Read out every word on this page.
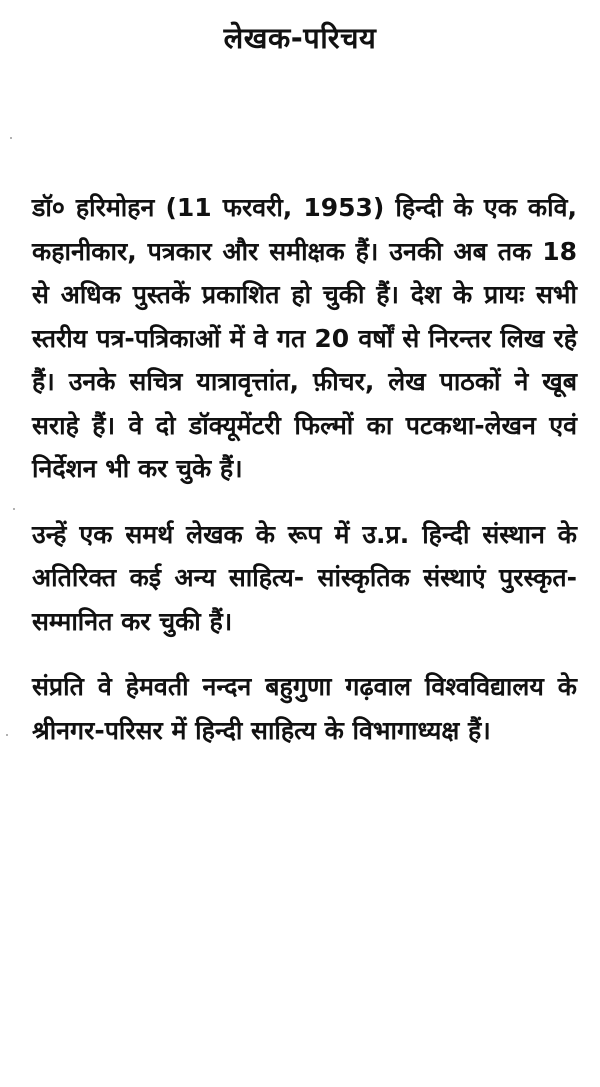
लेखक-परिचय

डॉ० हरिमोहन (11 फरवरी, 1953) हिन्दी के एक कवि, कहानीकार, पत्रकार और समीक्षक हैं। उनकी अब तक 18 से अधिक पुस्तकें प्रकाशित हो चुकी हैं। देश के प्रायः सभी स्तरीय पत्र-पत्रिकाओं में वे गत 20 वर्षों से निरन्तर लिख रहे हैं। उनके सचित्र यात्रावृत्तांत, फ़ीचर, लेख पाठकों ने खूब सराहे हैं। वे दो डॉक्यूमेंटरी फिल्मों का पटकथा-लेखन एवं निर्देशन भी कर चुके हैं।

उन्हें एक समर्थ लेखक के रूप में उ.प्र. हिन्दी संस्थान के अतिरिक्त कई अन्य साहित्य- सांस्कृतिक संस्थाएं पुरस्कृत-सम्मानित कर चुकी हैं।

संप्रति वे हेमवती नन्दन बहुगुणा गढ़वाल विश्वविद्यालय के श्रीनगर-परिसर में हिन्दी साहित्य के विभागाध्यक्ष हैं।
